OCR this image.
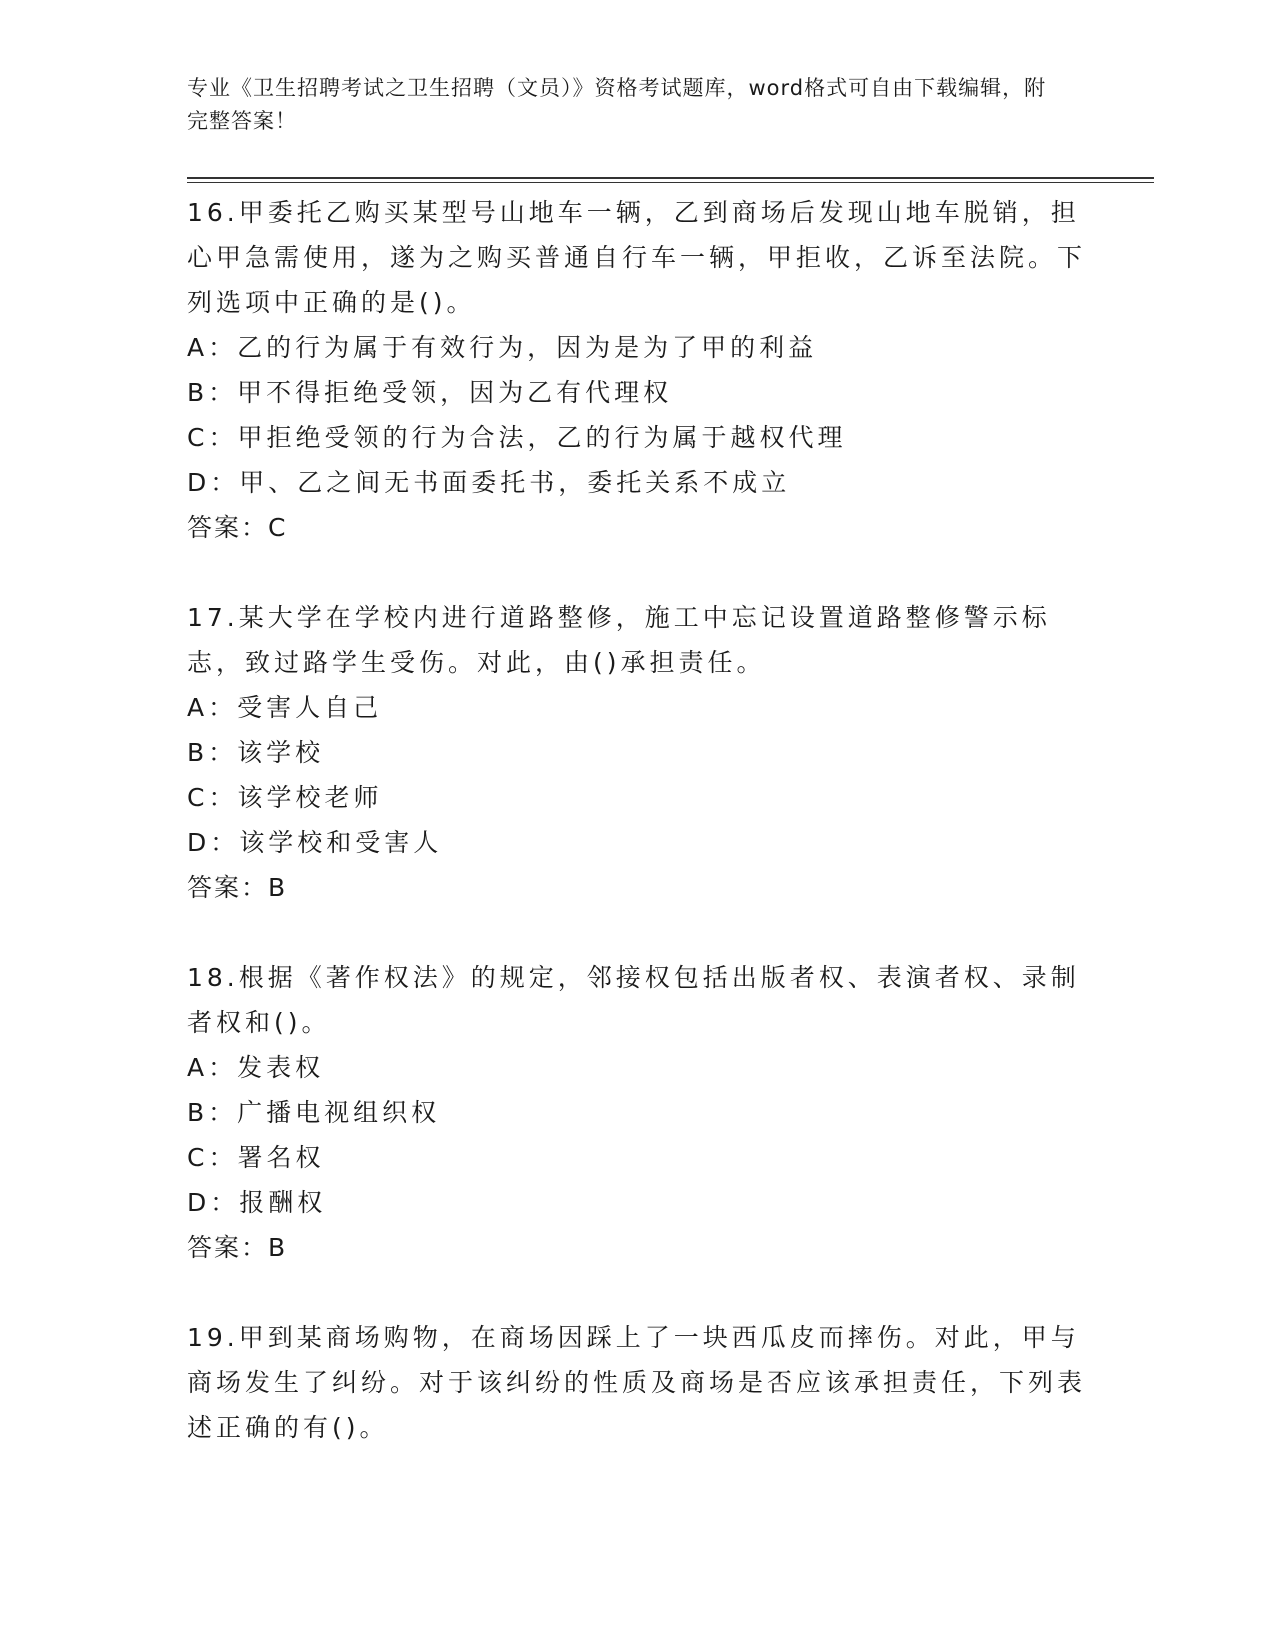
专业《卫生招聘考试之卫生招聘（文员）》资格考试题库，word格式可自由下载编辑，附完整答案！
16.甲委托乙购买某型号山地车一辆，乙到商场后发现山地车脱销，担心甲急需使用，遂为之购买普通自行车一辆，甲拒收，乙诉至法院。下列选项中正确的是()。
A：乙的行为属于有效行为，因为是为了甲的利益
B：甲不得拒绝受领，因为乙有代理权
C：甲拒绝受领的行为合法，乙的行为属于越权代理
D：甲、乙之间无书面委托书，委托关系不成立
答案：C
17.某大学在学校内进行道路整修，施工中忘记设置道路整修警示标志，致过路学生受伤。对此，由()承担责任。
A：受害人自己
B：该学校
C：该学校老师
D：该学校和受害人
答案：B
18.根据《著作权法》的规定，邻接权包括出版者权、表演者权、录制者权和()。
A：发表权
B：广播电视组织权
C：署名权
D：报酬权
答案：B
19.甲到某商场购物，在商场因踩上了一块西瓜皮而摔伤。对此，甲与商场发生了纠纷。对于该纠纷的性质及商场是否应该承担责任，下列表述正确的有()。
